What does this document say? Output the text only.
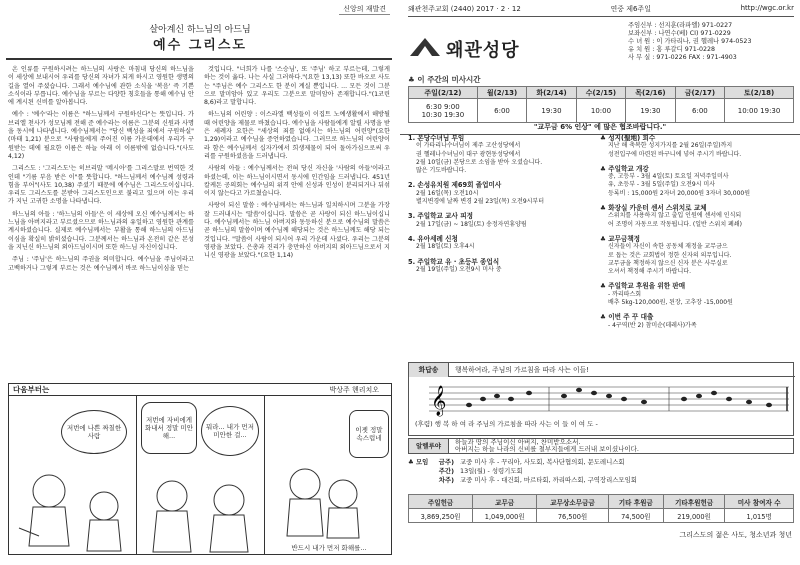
신앙의 재발견
살아계신 하느님의 아드님
예수 그리스도

온 인류를 구원하시려는 하느님의 사랑은 마침내 당신의 하느님을 이 세상에 보내시어 우리를 당신의 자녀가 되게 하시고 영원한 생명의 길을 열어 주셨습니다. 그래서 예수님에 관한 소식을 '복음' 즉 기쁜 소식이라 부릅니다. 예수님을 부르는 다양한 칭호들을 통해 예수님 안에 계시된 신비를 알아봅니다.

예수 : '예수'라는 이름은 "하느님께서 구원하신다"는 뜻입니다. 가브리엘 천사가 성모님께 전해 준 예수라는 이름은 그분의 신원과 사명을 동시에 나타냅니다. 예수님께서는 "당신 백성을 죄에서 구원하실"(마태 1,21) 분으로 "사람들에게 주어진 이름 가운데에서 우리가 구원받는 데에 필요한 이름은 하늘 아래 이 이름밖에 없습니다."(사도 4,12)

그리스도 : '그리스도'는 히브리말 '메시아'를 그리스말로 번역한 것인데 "기름 부음 받은 이"를 뜻합니다. "하느님께서 예수님께 성령과 힘을 부어"(사도 10,38) 주셨기 때문에 예수님은 그리스도이십니다. 우리도 그리스도를 본받아 그리스도인으로 불리고 있으며 이는 우리가 지닌 고귀한 소명을 나타냅니다.

하느님의 아들 : '하느님의 아들'은 이 세상에 오신 예수님께서는 하느님을 아버지라고 부르셨으므로 하느님과의 유일하고 영원한 관계를 계시하셨습니다. 실제로 예수님께서는 부활을 통해 하느님의 아드님이심을 확실히 밝히셨습니다. 그분께서는 하느님과 온전히 같은 본성을 지닌신 하느님의 외아드님이시며 또한 하느님 자신이십니다.

주님 : '주님'은 하느님의 주권을 의미합니다. 예수님을 주님이라고 고백하거나 그렇게 부르는 것은 예수님께서 바로 하느님이심을 믿는

것입니다. "너희가 나를 '스승님', 또 '주님' 하고 부르는데, 그렇게 하는 것이 옳다. 나는 사실 그러하다."(요한 13,13) 또한 바오로 사도는 "주님은 예수 그리스도 한 분이 계실 뿐입니다. ... 모든 것이 그분으로 말미암아 있고 우리도 그분으로 말미암아 존재합니다."(1코린 8,6)라고 말합니다.

하느님의 어린양 : 이스라엘 백성들이 이집트 노예생활에서 해방될 때 어린양을 제물로 바쳤습니다. 예수님을 사람들에게 알릴 사명을 받은 세례자 요한은 "세상의 죄를 없애시는 하느님의 어린양"(요한 1,29)이라고 예수님을 증언하였습니다. 그러므로 하느님의 어린양이라 함은 예수님께서 십자가에서 희생제물이 되어 돌아가심으로써 우리를 구원하셨음을 드러냅니다.

사람의 아들 : 예수님께서는 전혀 당신 자신을 '사람의 아들'이라고 하셨는데, 이는 하느님이시면서 동시에 인간임을 드러냅니다. 451년 칼케돈 공의회는 예수님의 위격 안에 신성과 인성이 분리되거나 뒤섞이지 않는다고 가르쳤습니다.

사랑이 되신 말씀 : 예수님께서는 하느님과 일치하시며 그분을 가장 잘 드러내시는 '말씀'이십니다. 말씀은 곧 사랑이 되신 하느님이십니다. 예수님께서는 하느님 아버지와 동등하신 분으로 예수님의 말씀은 곧 하느님의 말씀이며 예수님께 해당되는 것은 하느님께도 해당 되는 것입니다. "말씀이 사람이 되시어 우리 가운데 사셨다. 우리는 그분의 영광을 보았다. 은총과 진리가 충만하신 아버지의 외아드님으로서 지니신 영광을 보았다."(요한 1,14)

다움부터는	박상주 헨리치오
저번에 나쁜 짜칠한 사람
저번에 자비에게 화내서 정말 미안해...
뭐라... 내가 먼저 미안한 걸...
이젯 정말 속스럽네
반드시 내가 먼저 화해를...
왜관천주교회 (2440) 2017 · 2 · 12	연중 제6주일	http://wgc.or.kr
왜관성당
주임신부 : 선지훈(라파엘) 971-0227
보좌신부 : 나연수(베) CI) 971-0229
수 녀 원 : 이 가타리나, 권 헬레나 974-0523
유 치 원 : 홍 루갈디 971-0228
사 무 실 : 971-0226 FAX : 971-4903
♣ 이 주간의 미사시간
주일(2/12)	월(2/13)	화(2/14)	수(2/15)	목(2/16)	금(2/17)	토(2/18)
6:30 9:00
10:30 19:30	6:00	19:30	10:00	19:30	6:00	10:00 19:30
"교무금 6% 인상" 에 많은 협조바랍니다."
1. 본당수녀님 부임
이 가타리나수녀님이 제주 고산성당에서
권 헬레나수녀님이 대구 광현동성당에서
2월 10일(금) 본당으로 소임을 받아 오셨습니다.
많은 기도바랍니다.
2. 손성유치원 제69회 졸업미사
2월 16일(목) 오전10시
별지변경에 날짜 변경 2월 23일(목) 오전9시부터
3. 주일학교 교사 피정
2월 17일(금) ~ 18일(토) 송정자연휴양림
4. 유아세례 신청
2월 18일(토) 오후4시
5. 주일학교 유 · 초등부 종업식
2월 19일(주일) 오전9시 미사 중
♣ 성지(聖地) 회수
지난 해 축복한 성지가지를 2월 26일(주일)까지
성전입구에 마련된 바구니에 넣어 주시기 바랍니다.
♣ 주일학교 개강
중, 고등부 - 3월 4일(토) 토요일 저녁주일미사
유, 초등부 - 3월 5일(주일) 오전9시 미사
등록비 : 15,000원 2자녀 20,000원 3자녀 30,000원
♣ 화장실 카운터 센서 스위치로 교체
스위치를 사용하지 않고 출입 인원에 센서에 인식되
어 조명이 자동으로 작동됩니다. (일반 스위치 폐쇄)
♣ 교무금책정
신자들이 자신이 속한 공동체 재정을 교무금으
로 돕는 것은 교회법이 정한 신자의 의무입니다.
교무금을 책정하지 않으신 신자 분은 사무실로
오셔서 책정해 주시기 바랍니다.
♣ 주일학교 후원을 위한 판매
- 까리따스회
배추 5kg-120,000원, 된장, 고추장 -15,000원
♣ 이번 주 꾸 대출
- 4구역(반 2) 참미순(데레사)가족
화답송	행복하여라, 주님의 가르침을 따라 사는 이들!
𝄞
(후렴) 행 복 하 여 라 주님의 가르침을 따라 사는 이 들 이 여 도 -
알렐루야	하늘과 땅의 주님이신 아버지, 찬미받으소서.
아버지는 하늘 나라의 신비를 철부지들에게 드러내 보이셨나이다.
♣ 모임	금주) 교중 미사 후 - 꾸리아, 사도회, 복사단협의회, 문도레니스회
주간) 13일(월) - 성령기도회
차주) 교중 미사 후 - 대건회, 마르타회, 까리따스회, 구역장리스모임회
주일헌금	교무금	교무상소무금금	기타 후원금	기타후원헌금	미사 참여자 수
3,869,250원	1,049,000원	76,500원	74,500원	219,000원	1,015명
그리스도의 젊은 사도, 청소년과 청년
